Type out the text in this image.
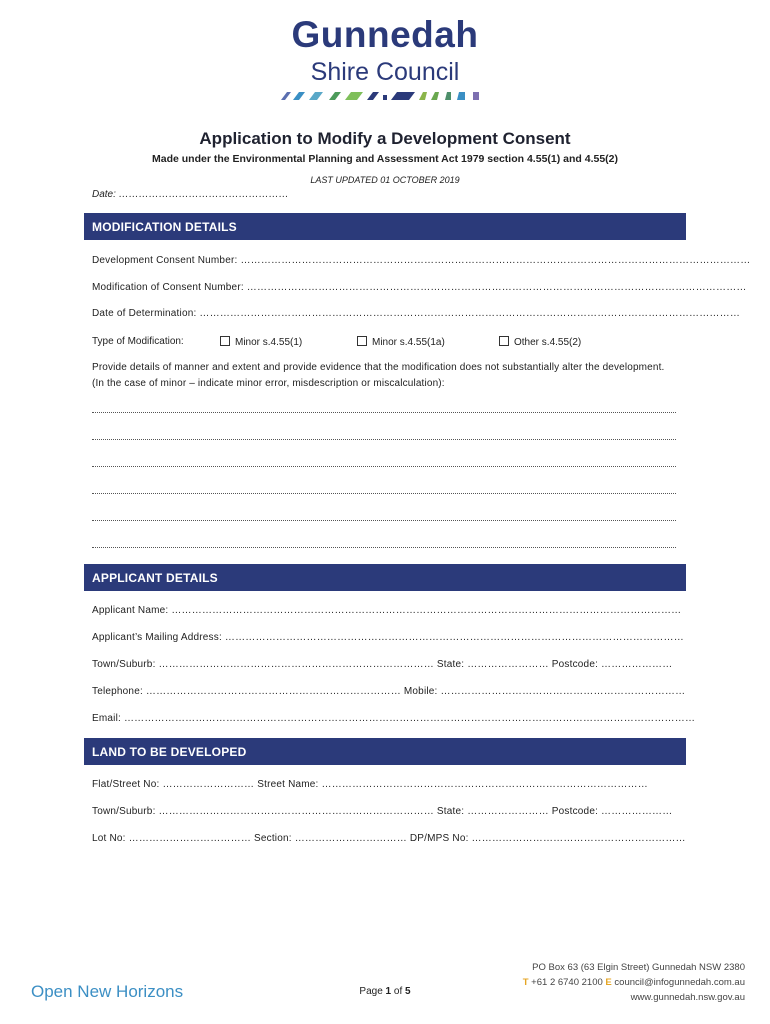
Gunnedah
Shire Council
Application to Modify a Development Consent
Made under the Environmental Planning and Assessment Act 1979 section 4.55(1) and 4.55(2)
LAST UPDATED 01 OCTOBER 2019
Date: ……………………………………………
MODIFICATION DETAILS
Development Consent Number: ……………………………………………………………………………………………………………………………………
Modification of Consent Number: …………………………………………………………………………………………………………………………………
Date of Determination: ……………………………………………………………………………………………………………………………………………
Type of Modification:	Minor s.4.55(1)	Minor s.4.55(1a)	Other s.4.55(2)
Provide details of manner and extent and provide evidence that the modification does not substantially alter the development. (In the case of minor – indicate minor error, misdescription or miscalculation):
APPLICANT DETAILS
Applicant Name: ……………………………………………………………………………………………………………………………………
Applicant’s Mailing Address: ………………………………………………………………………………………………………………………
Town/Suburb: ……………………………………………………………………… State: …………………… Postcode: …………………
Telephone: ………………………………………………………………… Mobile: ………………………………………………………………
Email: ……………………………………………………………………………………………………………………………………………………
LAND TO BE DEVELOPED
Flat/Street No: ……………………… Street Name: ……………………………………………………………………………………
Town/Suburb: ……………………………………………………………………… State: …………………… Postcode: …………………
Lot No: ……………………………… Section: …………………………… DP/MPS No: ………………………………………………………
Open New Horizons	Page 1 of 5
PO Box 63 (63 Elgin Street) Gunnedah NSW 2380
T +61 2 6740 2100 E council@infogunnedah.com.au
www.gunnedah.nsw.gov.au
